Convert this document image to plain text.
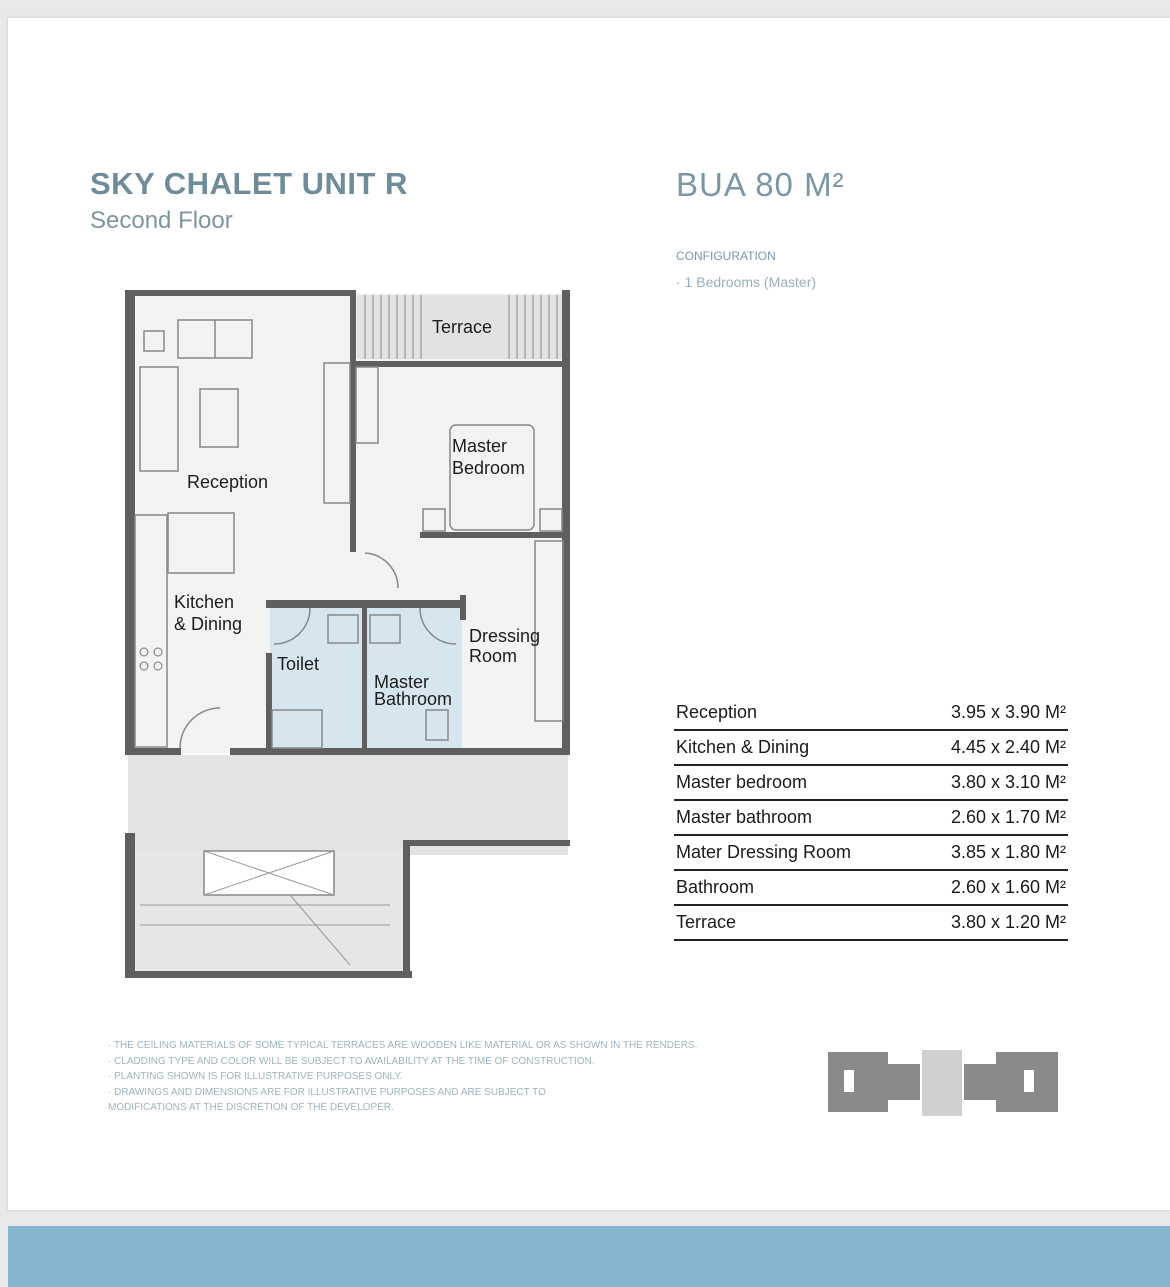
SKY CHALET UNIT R
Second Floor
BUA 80 M²
CONFIGURATION
· 1 Bedrooms (Master)
Terrace
Master
Bedroom
Reception
Kitchen
& Dining
Dressing
Room
Toilet
Master
Bathroom
Reception	3.95 x 3.90 M²
Kitchen & Dining	4.45 x 2.40 M²
Master bedroom	3.80 x 3.10 M²
Master bathroom	2.60 x 1.70 M²
Mater Dressing Room	3.85 x 1.80 M²
Bathroom	2.60 x 1.60 M²
Terrace	3.80 x 1.20 M²
· THE CEILING MATERIALS OF SOME TYPICAL TERRACES ARE WOODEN LIKE MATERIAL OR AS SHOWN IN THE RENDERS.
· CLADDING TYPE AND COLOR WILL BE SUBJECT TO AVAILABILITY AT THE TIME OF CONSTRUCTION.
· PLANTING SHOWN IS FOR ILLUSTRATIVE PURPOSES ONLY.
· DRAWINGS AND DIMENSIONS ARE FOR ILLUSTRATIVE PURPOSES AND ARE SUBJECT TO
MODIFICATIONS AT THE DISCRETION OF THE DEVELOPER.
